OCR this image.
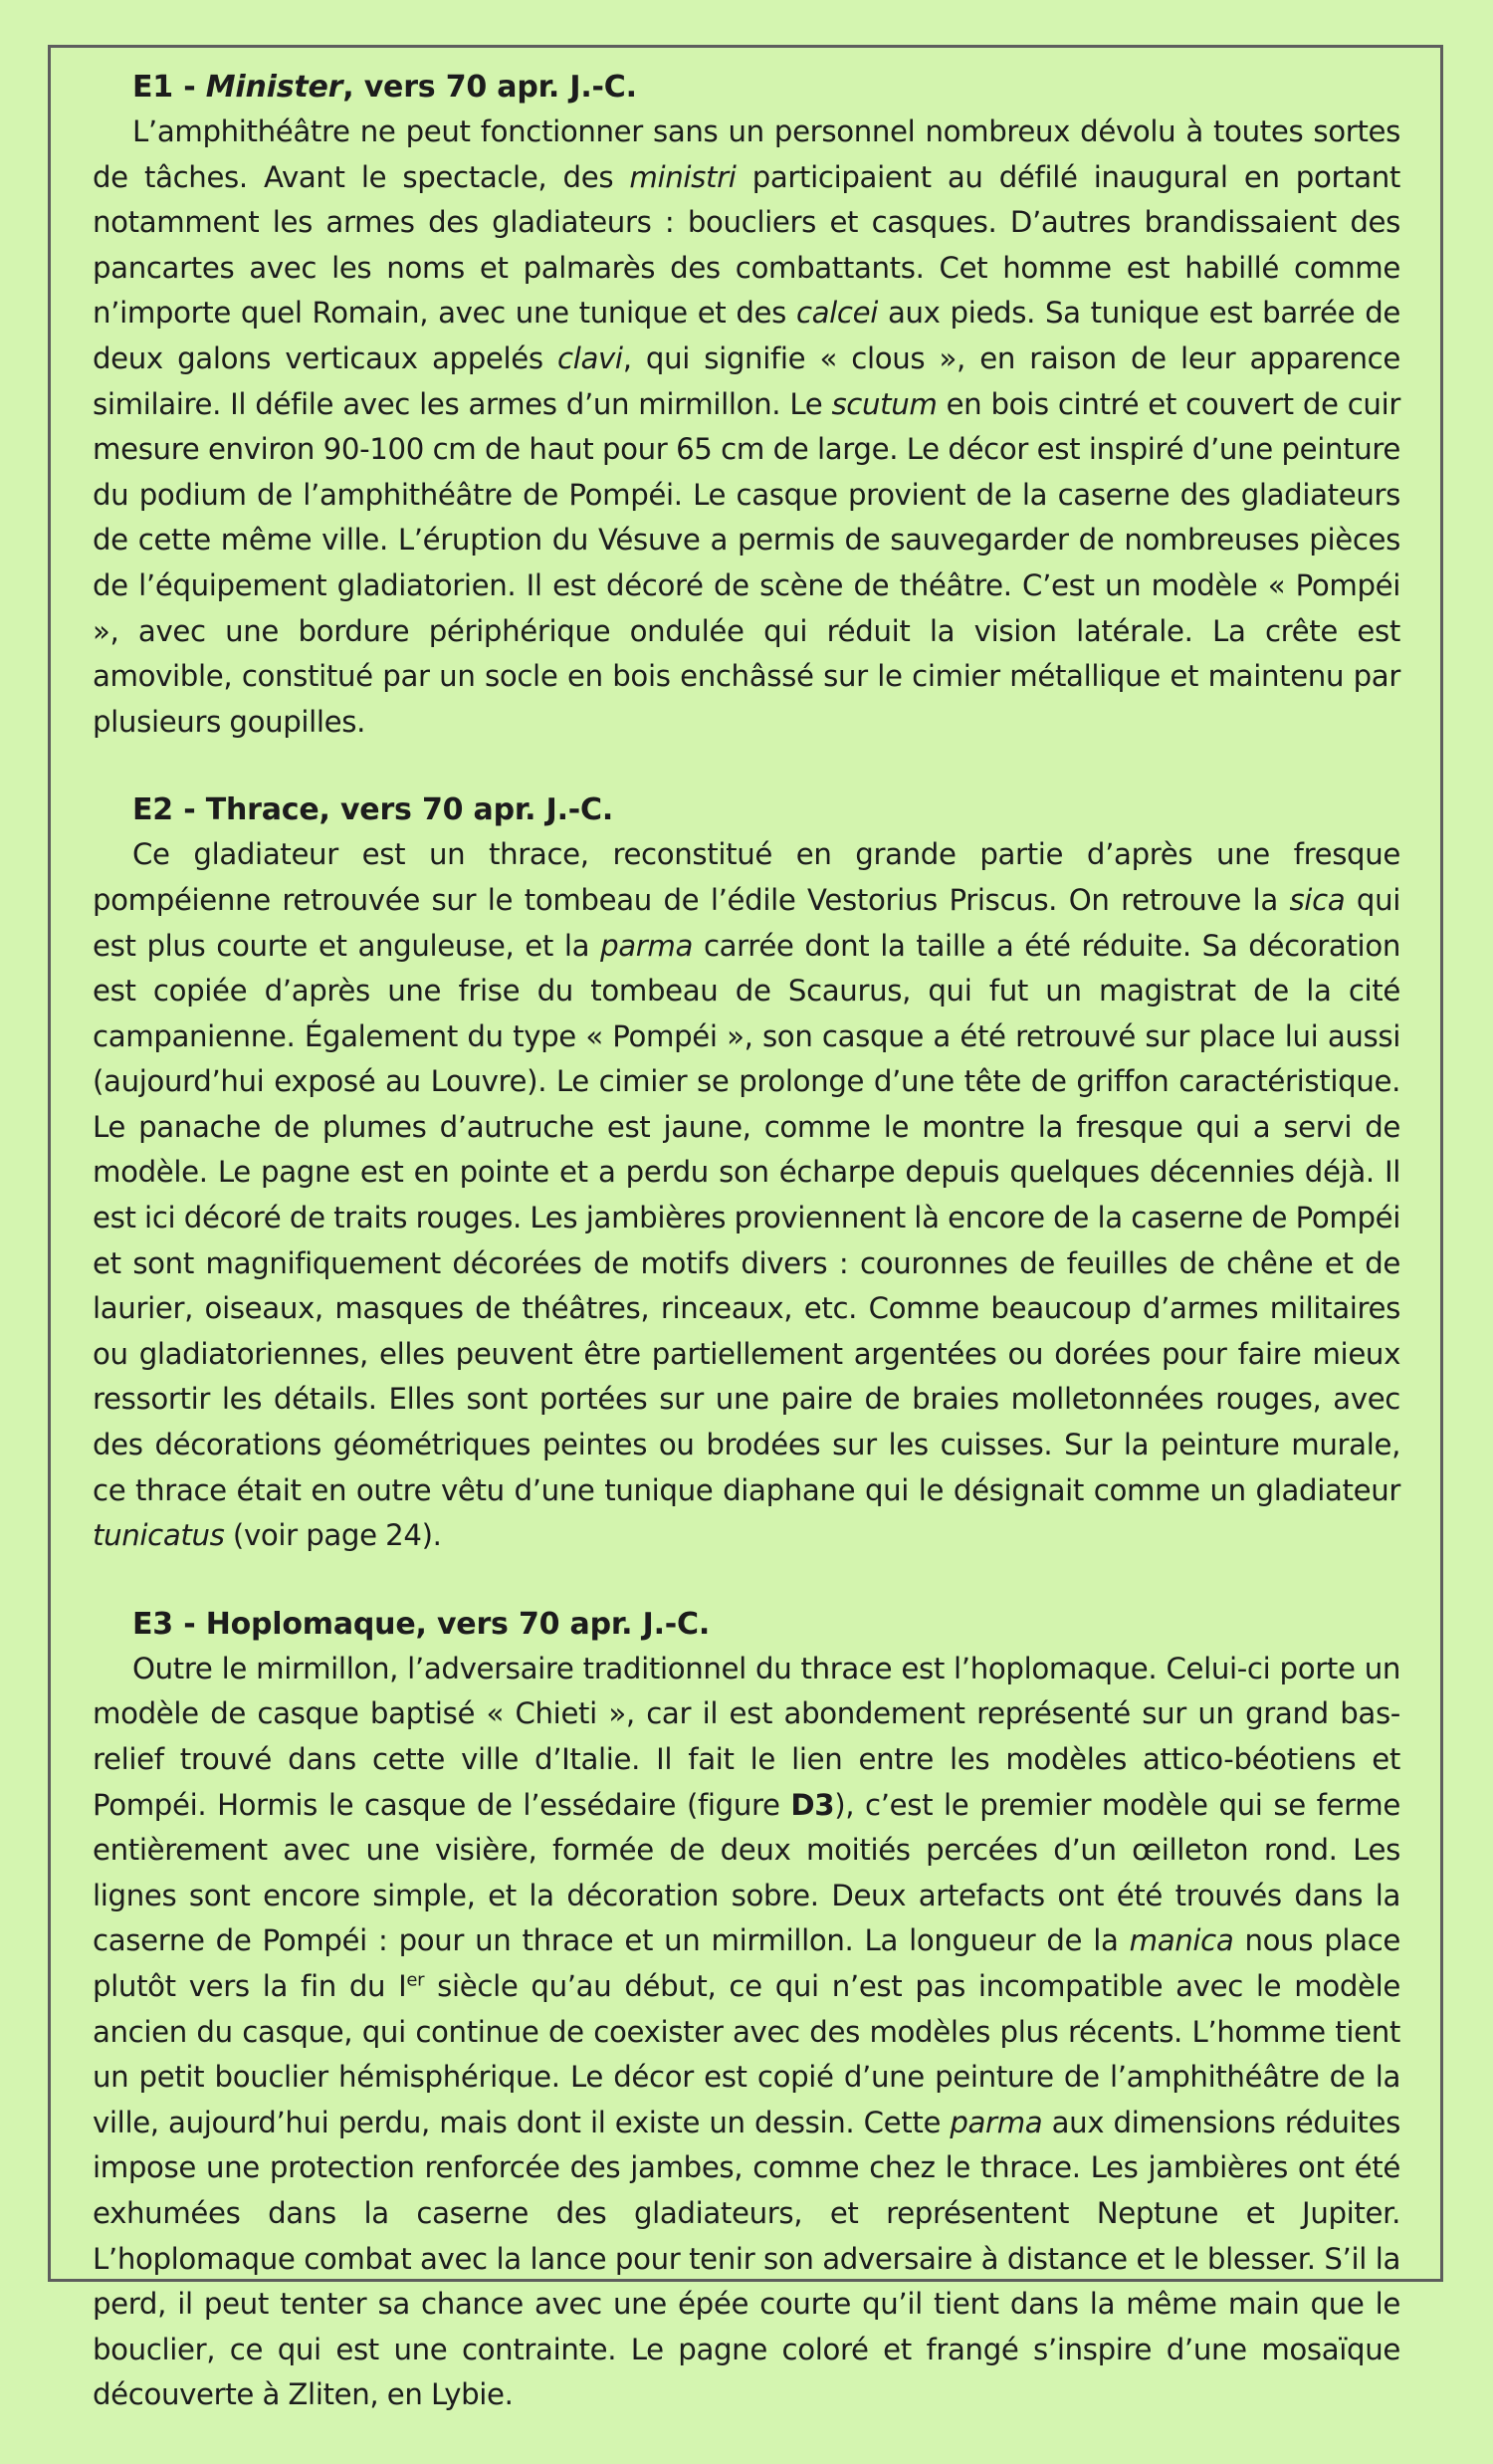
E1 - Minister, vers 70 apr. J.-C.

L’amphithéâtre ne peut fonctionner sans un personnel nombreux dévolu à toutes sortes de tâches. Avant le spectacle, des ministri participaient au défilé inaugural en portant notamment les armes des gladiateurs : boucliers et casques. D’autres brandissaient des pancartes avec les noms et palmarès des combattants. Cet homme est habillé comme n’importe quel Romain, avec une tunique et des calcei aux pieds. Sa tunique est barrée de deux galons verticaux appelés clavi, qui signifie « clous », en raison de leur apparence similaire. Il défile avec les armes d’un mirmillon. Le scutum en bois cintré et couvert de cuir mesure environ 90-100 cm de haut pour 65 cm de large. Le décor est inspiré d’une peinture du podium de l’amphithéâtre de Pompéi. Le casque provient de la caserne des gladiateurs de cette même ville. L’éruption du Vésuve a permis de sauvegarder de nombreuses pièces de l’équipement gladiatorien. Il est décoré de scène de théâtre. C’est un modèle « Pompéi », avec une bordure périphérique ondulée qui réduit la vision latérale. La crête est amovible, constitué par un socle en bois enchâssé sur le cimier métallique et maintenu par plusieurs goupilles.

E2 - Thrace, vers 70 apr. J.-C.

Ce gladiateur est un thrace, reconstitué en grande partie d’après une fresque pompéienne retrouvée sur le tombeau de l’édile Vestorius Priscus. On retrouve la sica qui est plus courte et anguleuse, et la parma carrée dont la taille a été réduite. Sa décoration est copiée d’après une frise du tombeau de Scaurus, qui fut un magistrat de la cité campanienne. Également du type « Pompéi », son casque a été retrouvé sur place lui aussi (aujourd’hui exposé au Louvre). Le cimier se prolonge d’une tête de griffon caractéristique. Le panache de plumes d’autruche est jaune, comme le montre la fresque qui a servi de modèle. Le pagne est en pointe et a perdu son écharpe depuis quelques décennies déjà. Il est ici décoré de traits rouges. Les jambières proviennent là encore de la caserne de Pompéi et sont magnifiquement décorées de motifs divers : couronnes de feuilles de chêne et de laurier, oiseaux, masques de théâtres, rinceaux, etc. Comme beaucoup d’armes militaires ou gladiatoriennes, elles peuvent être partiellement argentées ou dorées pour faire mieux ressortir les détails. Elles sont portées sur une paire de braies molletonnées rouges, avec des décorations géométriques peintes ou brodées sur les cuisses. Sur la peinture murale, ce thrace était en outre vêtu d’une tunique diaphane qui le désignait comme un gladiateur tunicatus (voir page 24).

E3 - Hoplomaque, vers 70 apr. J.-C.

Outre le mirmillon, l’adversaire traditionnel du thrace est l’hoplomaque. Celui-ci porte un modèle de casque baptisé « Chieti », car il est abondement représenté sur un grand bas-relief trouvé dans cette ville d’Italie. Il fait le lien entre les modèles attico-béotiens et Pompéi. Hormis le casque de l’essédaire (figure D3), c’est le premier modèle qui se ferme entièrement avec une visière, formée de deux moitiés percées d’un œilleton rond. Les lignes sont encore simple, et la décoration sobre. Deux artefacts ont été trouvés dans la caserne de Pompéi : pour un thrace et un mirmillon. La longueur de la manica nous place plutôt vers la fin du Ier siècle qu’au début, ce qui n’est pas incompatible avec le modèle ancien du casque, qui continue de coexister avec des modèles plus récents. L’homme tient un petit bouclier hémisphérique. Le décor est copié d’une peinture de l’amphithéâtre de la ville, aujourd’hui perdu, mais dont il existe un dessin. Cette parma aux dimensions réduites impose une protection renforcée des jambes, comme chez le thrace. Les jambières ont été exhumées dans la caserne des gladiateurs, et représentent Neptune et Jupiter. L’hoplomaque combat avec la lance pour tenir son adversaire à distance et le blesser. S’il la perd, il peut tenter sa chance avec une épée courte qu’il tient dans la même main que le bouclier, ce qui est une contrainte. Le pagne coloré et frangé s’inspire d’une mosaïque découverte à Zliten, en Lybie.
